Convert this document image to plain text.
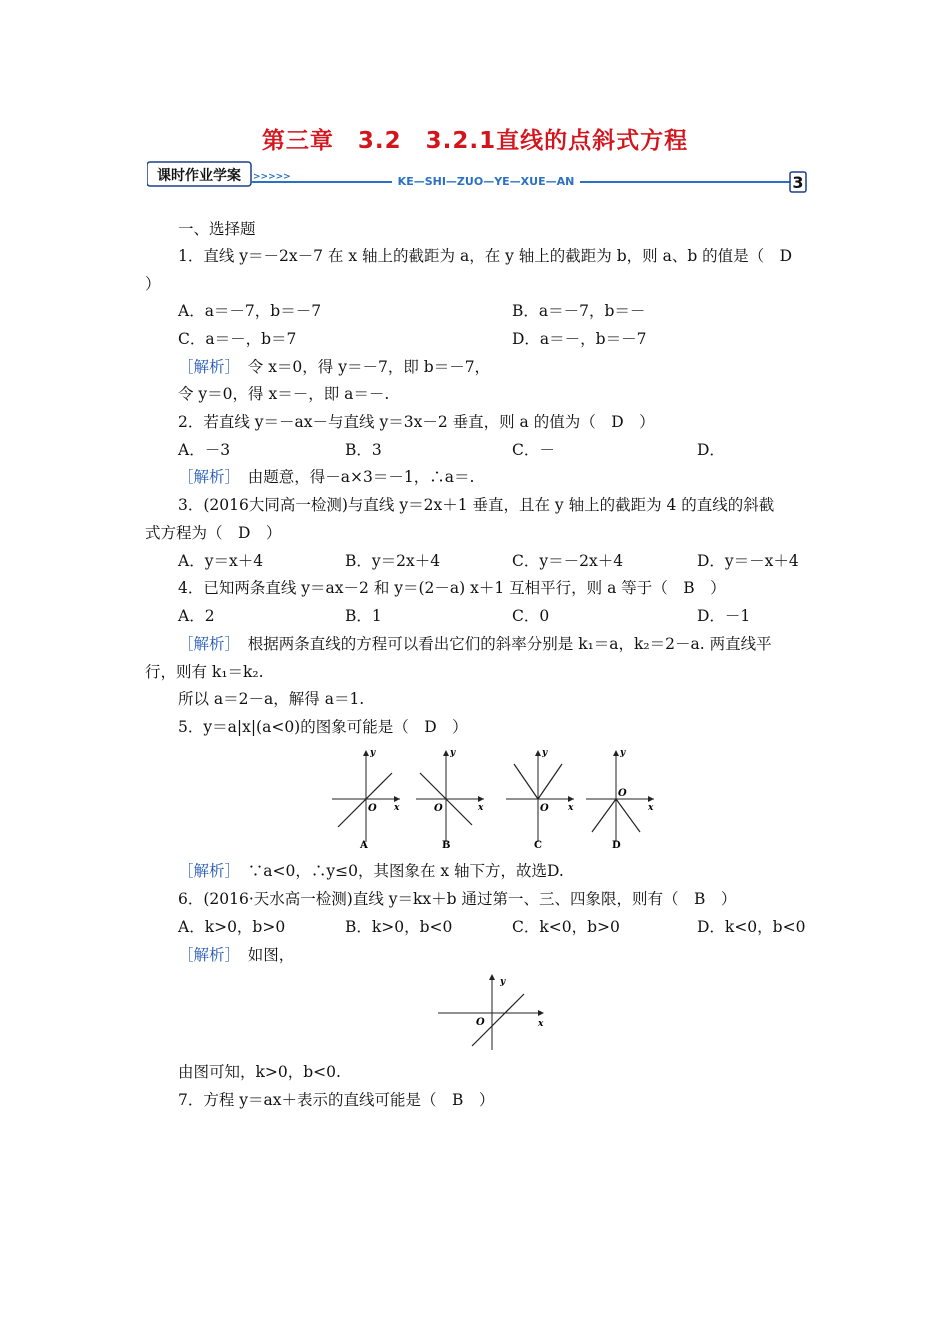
第三章　3.2　3.2.1直线的点斜式方程
课时作业学案 >>>>>	KE—SHI—ZUO—YE—XUE—AN	3
一、选择题
1．直线 y＝－2x－7 在 x 轴上的截距为 a，在 y 轴上的截距为 b，则 a、b 的值是（　D
）
A．a＝－7，b＝－7	B．a＝－7，b＝－
C．a＝－，b＝7	D．a＝－，b＝－7
［解析］　令 x＝0，得 y＝－7，即 b＝－7，
令 y＝0，得 x＝－，即 a＝－.
2．若直线 y＝－ax－与直线 y＝3x－2 垂直，则 a 的值为（　D　）
A．－3	B．3	C．－	D．
［解析］　由题意，得－a×3＝－1，∴a＝.
3．(2016大同高一检测)与直线 y＝2x＋1 垂直，且在 y 轴上的截距为 4 的直线的斜截
式方程为（　D　）
A．y＝x＋4	B．y＝2x＋4	C．y＝－2x＋4	D．y＝－x＋4
4．已知两条直线 y＝ax－2 和 y＝(2－a) x＋1 互相平行，则 a 等于（　B　）
A．2	B．1	C．0	D．－1
［解析］　根据两条直线的方程可以看出它们的斜率分别是 k₁＝a，k₂＝2－a. 两直线平
行，则有 k₁＝k₂.
所以 a＝2－a，解得 a＝1.
5．y＝a|x|(a<0)的图象可能是（　D　）
y
x
O
A
y
x
O
B
y
x
O
C
y
x
O
D
［解析］　∵a<0，∴y≤0，其图象在 x 轴下方，故选D.
6．(2016·天水高一检测)直线 y＝kx＋b 通过第一、三、四象限，则有（　B　）
A．k>0，b>0	B．k>0，b<0	C．k<0，b>0	D．k<0，b<0
［解析］　如图，
y
x
O
由图可知，k>0，b<0.
7．方程 y＝ax＋表示的直线可能是（　B　）
